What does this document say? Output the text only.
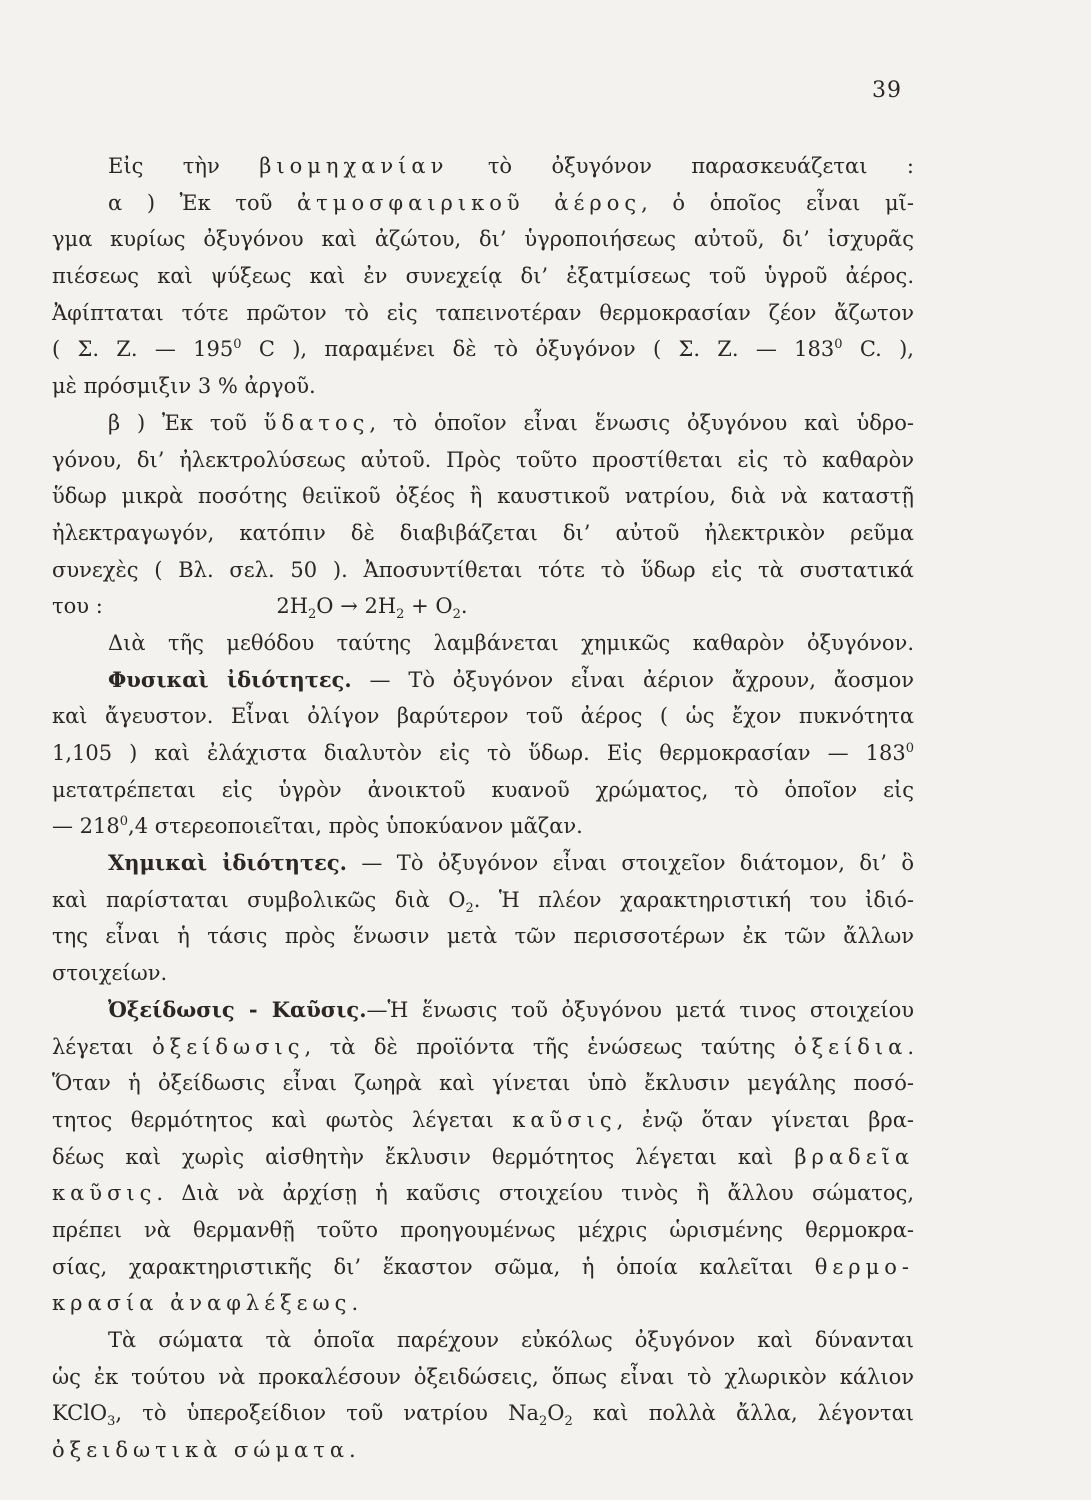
39
Εἰς τὴν βιομηχανίαν τὸ ὀξυγόνον παρασκευάζεται :
α ) Ἐκ τοῦ ἀτμοσφαιρικοῦ ἀέρος, ὁ ὁποῖος εἶναι μῖ-
γμα κυρίως ὀξυγόνου καὶ ἀζώτου, δι’ ὑγροποιήσεως αὐτοῦ, δι’ ἰσχυρᾶς
πιέσεως καὶ ψύξεως καὶ ἐν συνεχείᾳ δι’ ἐξατμίσεως τοῦ ὑγροῦ ἀέρος.
Ἀφίπταται τότε πρῶτον τὸ εἰς ταπεινοτέραν θερμοκρασίαν ζέον ἄζωτον
( Σ. Ζ. — $195^0$ C ), παραμένει δὲ τὸ ὀξυγόνον ( Σ. Ζ. — $183^0$ C. ),
μὲ πρόσμιξιν 3 % ἀργοῦ.
β ) Ἐκ τοῦ ὕδατος, τὸ ὁποῖον εἶναι ἕνωσις ὀξυγόνου καὶ ὑδρο-
γόνου, δι’ ἠλεκτρολύσεως αὐτοῦ. Πρὸς τοῦτο προστίθεται εἰς τὸ καθαρὸν
ὕδωρ μικρὰ ποσότης θειϊκοῦ ὀξέος ἢ καυστικοῦ νατρίου, διὰ νὰ καταστῇ
ἠλεκτραγωγόν, κατόπιν δὲ διαβιβάζεται δι’ αὐτοῦ ἠλεκτρικὸν ρεῦμα
συνεχὲς ( Βλ. σελ. 50 ). Ἀποσυντίθεται τότε τὸ ὕδωρ εἰς τὰ συστατικά
του :                          $2H_2O \to 2H_2 + O_2$.
Διὰ τῆς μεθόδου ταύτης λαμβάνεται χημικῶς καθαρὸν ὀξυγόνον.
Φυσικαὶ ἰδιότητες. — Τὸ ὀξυγόνον εἶναι ἀέριον ἄχρουν, ἄοσμον
καὶ ἄγευστον. Εἶναι ὀλίγον βαρύτερον τοῦ ἀέρος ( ὡς ἔχον πυκνότητα
1,105 ) καὶ ἐλάχιστα διαλυτὸν εἰς τὸ ὕδωρ. Εἰς θερμοκρασίαν — $183^0$
μετατρέπεται εἰς ὑγρὸν ἀνοικτοῦ κυανοῦ χρώματος, τὸ ὁποῖον εἰς
— $218^0,4$ στερεοποιεῖται, πρὸς ὑποκύανον μᾶζαν.
Χημικαὶ ἰδιότητες. — Τὸ ὀξυγόνον εἶναι στοιχεῖον διάτομον, δι’ ὃ
καὶ παρίσταται συμβολικῶς διὰ $O_2$. Ἡ πλέον χαρακτηριστική του ἰδιό-
της εἶναι ἡ τάσις πρὸς ἕνωσιν μετὰ τῶν περισσοτέρων ἐκ τῶν ἄλλων
στοιχείων.
Ὀξείδωσις - Καῦσις.—Ἡ ἕνωσις τοῦ ὀξυγόνου μετά τινος στοιχείου
λέγεται ὀξείδωσις, τὰ δὲ προϊόντα τῆς ἑνώσεως ταύτης ὀξείδια.
Ὅταν ἡ ὀξείδωσις εἶναι ζωηρὰ καὶ γίνεται ὑπὸ ἔκλυσιν μεγάλης ποσό-
τητος θερμότητος καὶ φωτὸς λέγεται καῦσις, ἐνῷ ὅταν γίνεται βρα-
δέως καὶ χωρὶς αἰσθητὴν ἔκλυσιν θερμότητος λέγεται καὶ βραδεῖα
καῦσις. Διὰ νὰ ἀρχίσῃ ἡ καῦσις στοιχείου τινὸς ἢ ἄλλου σώματος,
πρέπει νὰ θερμανθῇ τοῦτο προηγουμένως μέχρις ὡρισμένης θερμοκρα-
σίας, χαρακτηριστικῆς δι’ ἕκαστον σῶμα, ἡ ὁποία καλεῖται θερμο-
κρασία ἀναφλέξεως.
Τὰ σώματα τὰ ὁποῖα παρέχουν εὐκόλως ὀξυγόνον καὶ δύνανται
ὡς ἐκ τούτου νὰ προκαλέσουν ὀξειδώσεις, ὅπως εἶναι τὸ χλωρικὸν κάλιον
KClO$_3$, τὸ ὑπεροξείδιον τοῦ νατρίου $Na_2O_2$ καὶ πολλὰ ἄλλα, λέγονται
ὀξειδωτικὰ σώματα.
